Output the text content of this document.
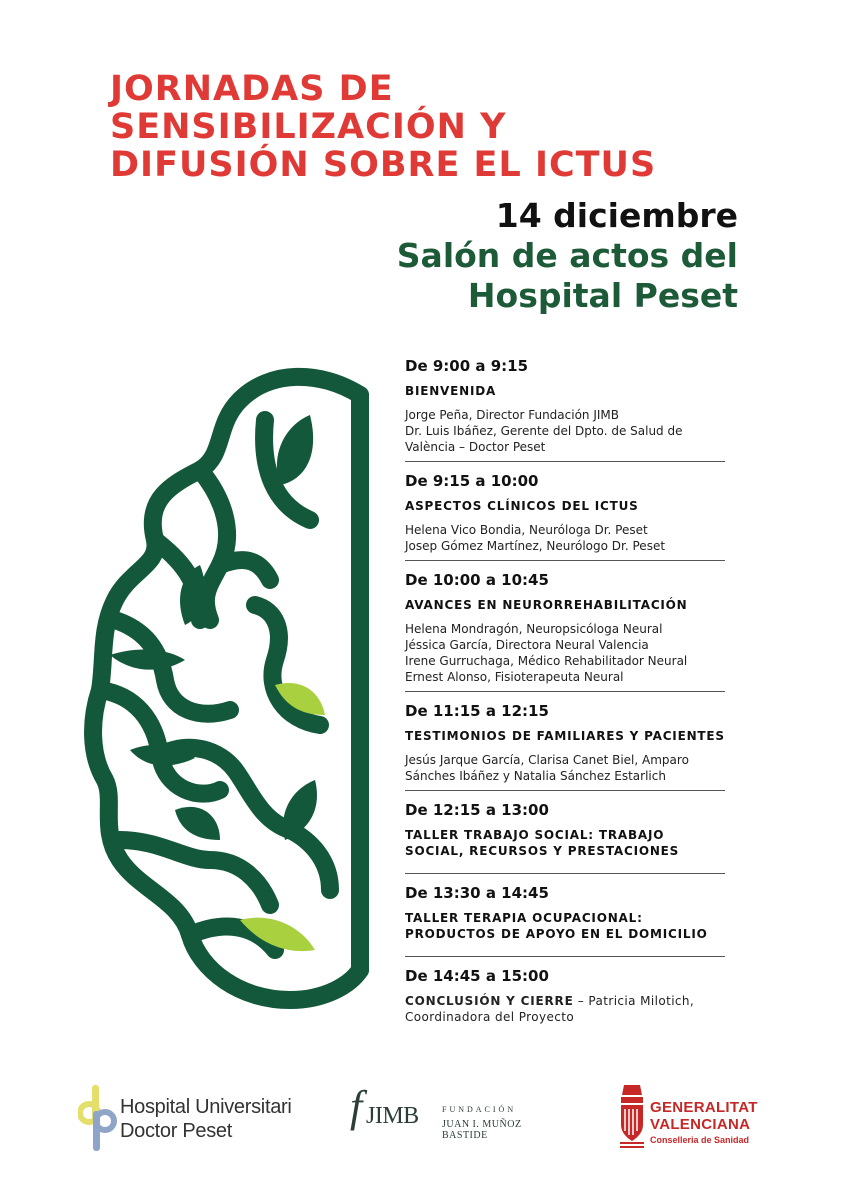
JORNADAS DE SENSIBILIZACIÓN Y DIFUSIÓN SOBRE EL ICTUS
14 diciembre
Salón de actos del Hospital Peset
De 9:00 a 9:15
BIENVENIDA
Jorge Peña, Director Fundación JIMB
Dr. Luis Ibáñez, Gerente del Dpto. de Salud de València – Doctor Peset
De 9:15 a 10:00
ASPECTOS CLÍNICOS DEL ICTUS
Helena Vico Bondia, Neuróloga Dr. Peset
Josep Gómez Martínez, Neurólogo Dr. Peset
De 10:00 a 10:45
AVANCES EN NEURORREHABILITACIÓN
Helena Mondragón, Neuropsicóloga Neural
Jéssica García, Directora Neural Valencia
Irene Gurruchaga, Médico Rehabilitador Neural
Ernest Alonso, Fisioterapeuta Neural
De 11:15 a 12:15
TESTIMONIOS DE FAMILIARES Y PACIENTES
Jesús Jarque García, Clarisa Canet Biel, Amparo Sánches Ibáñez y Natalia Sánchez Estarlich
De 12:15 a 13:00
TALLER TRABAJO SOCIAL: TRABAJO SOCIAL, RECURSOS Y PRESTACIONES
De 13:30 a 14:45
TALLER TERAPIA OCUPACIONAL: PRODUCTOS DE APOYO EN EL DOMICILIO
De 14:45 a 15:00
CONCLUSIÓN Y CIERRE – Patricia Milotich, Coordinadora del Proyecto
Hospital Universitari
Doctor Peset	f JIMB	FUNDACIÓN
JUAN I. MUÑOZ BASTIDE
GENERALITAT
VALENCIANA
Conselleria de Sanidad
